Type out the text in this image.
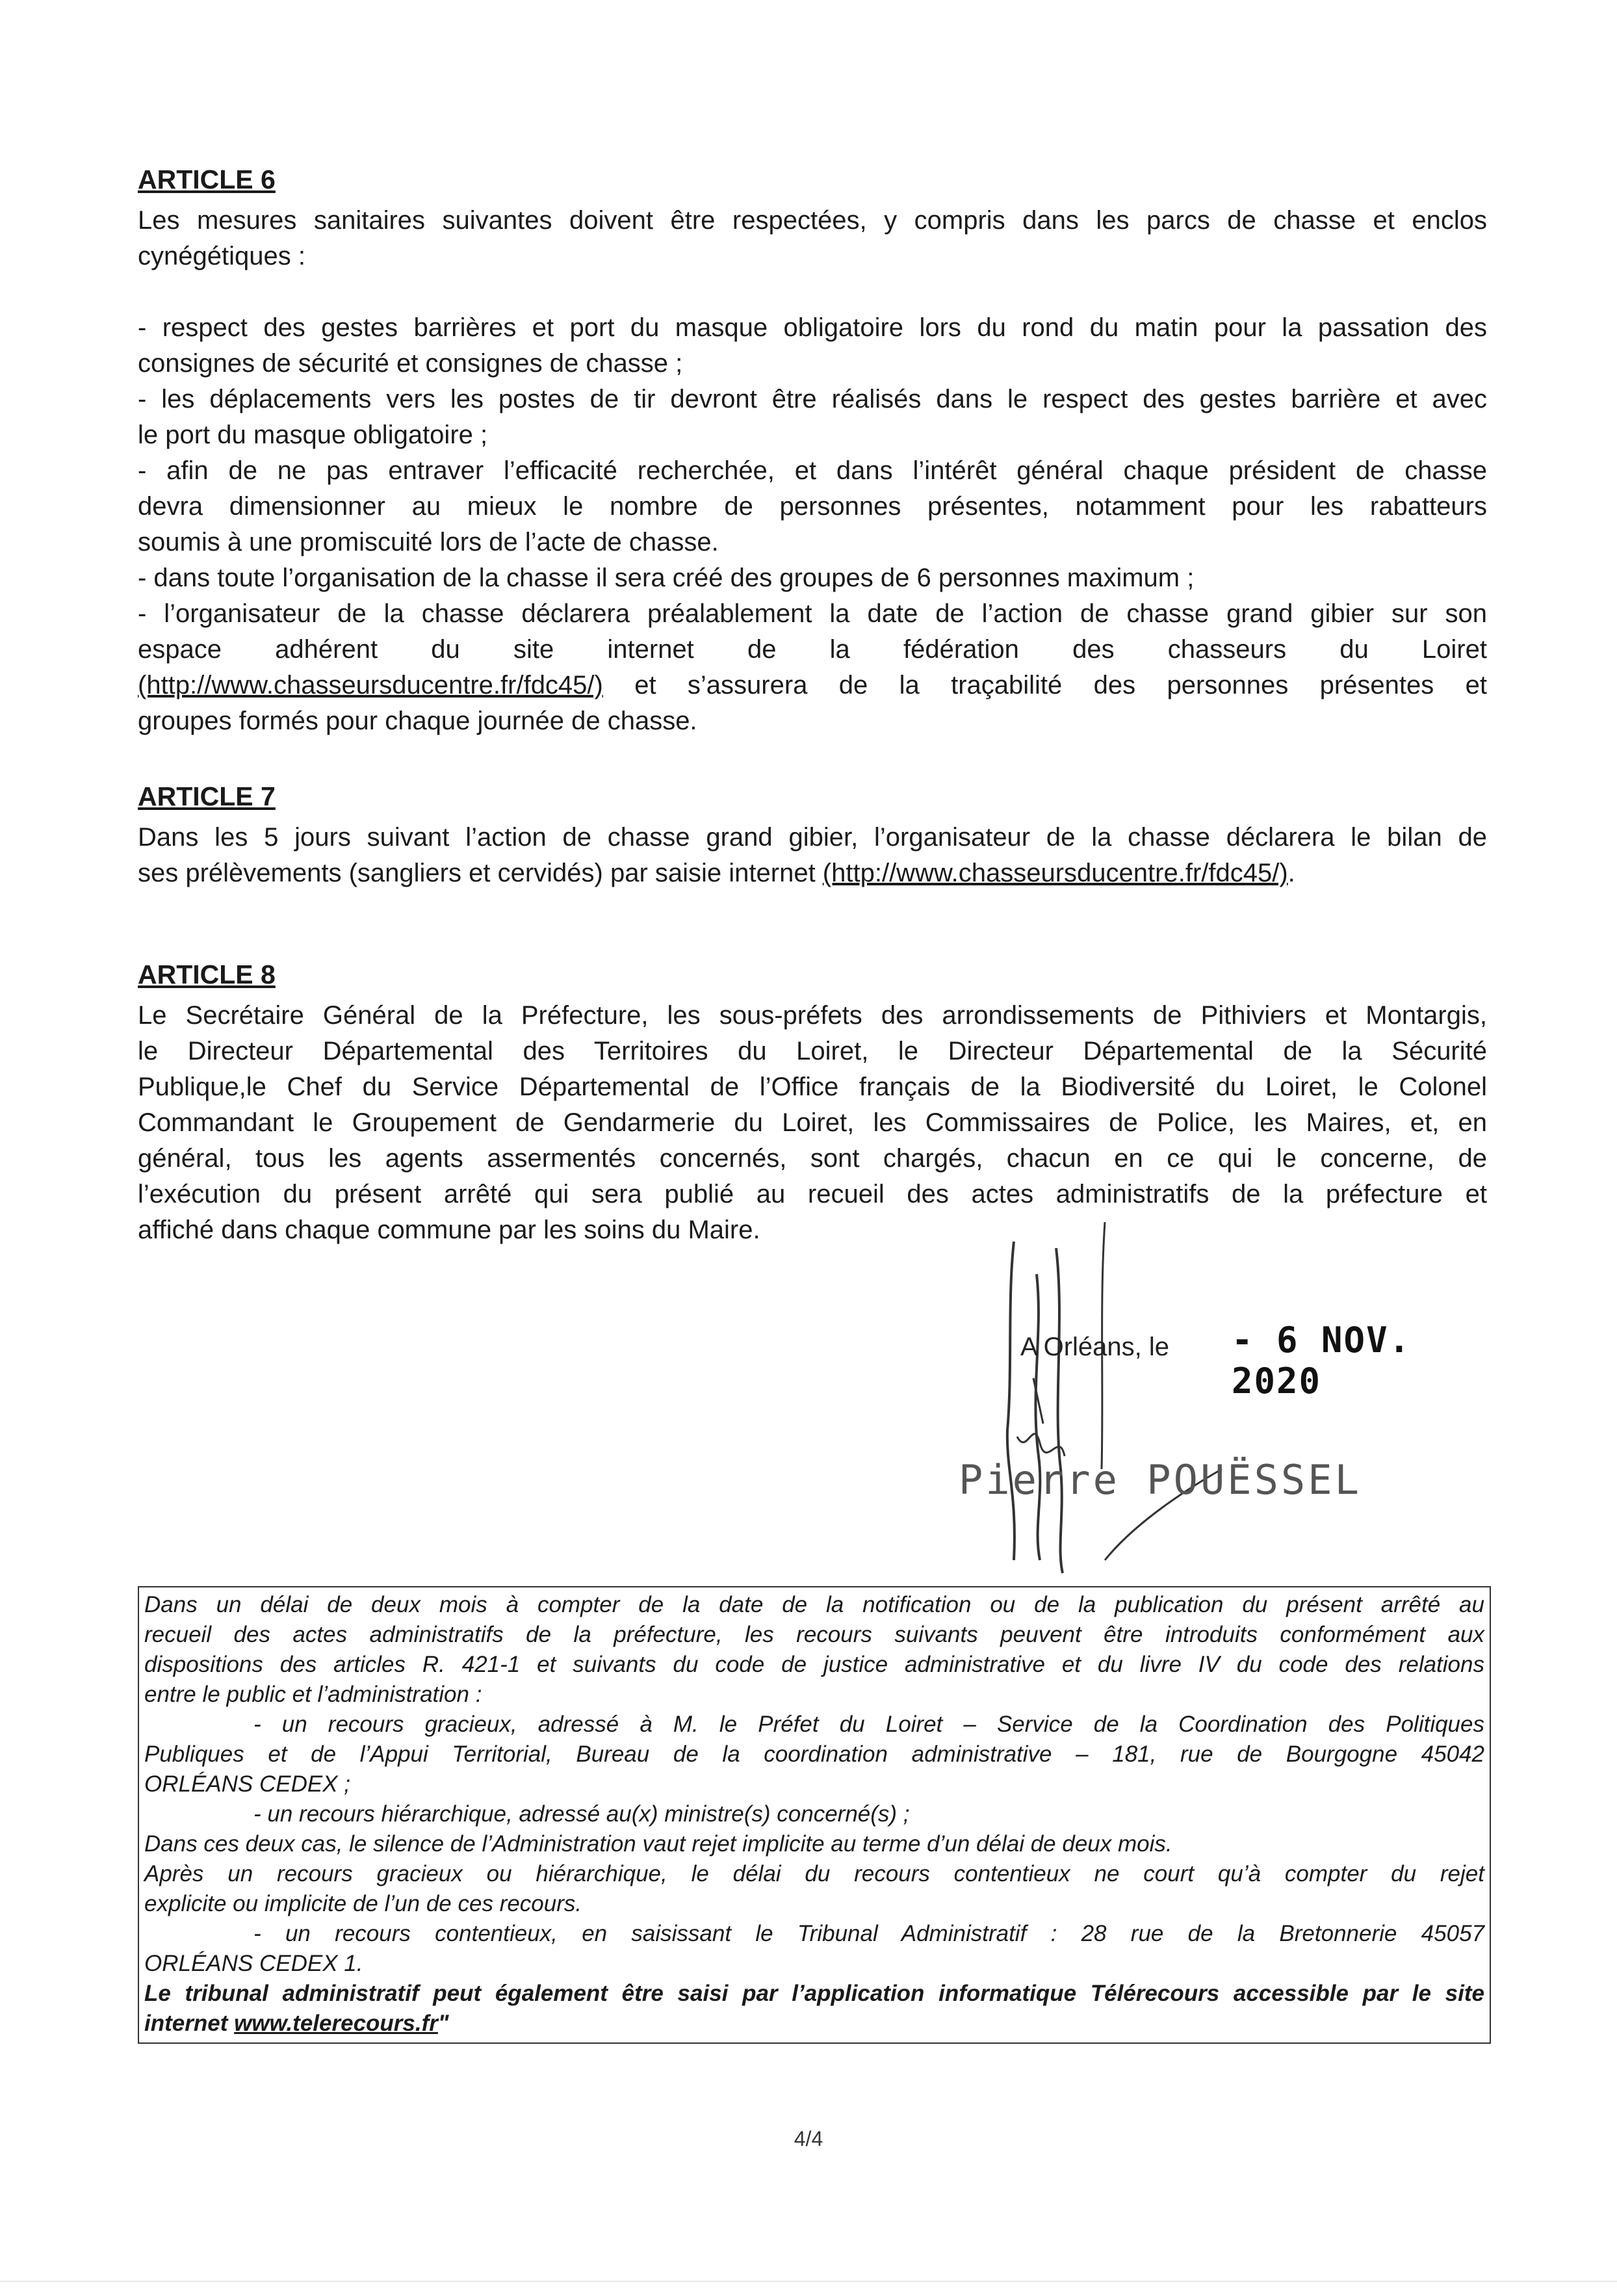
ARTICLE 6

Les mesures sanitaires suivantes doivent être respectées, y compris dans les parcs de chasse et enclos
cynégétiques :

- respect des gestes barrières et port du masque obligatoire lors du rond du matin pour la passation des
consignes de sécurité et consignes de chasse ;
- les déplacements vers les postes de tir devront être réalisés dans le respect des gestes barrière et avec
le port du masque obligatoire ;
- afin de ne pas entraver l’efficacité recherchée, et dans l’intérêt général chaque président de chasse
devra dimensionner au mieux le nombre de personnes présentes, notamment pour les rabatteurs
soumis à une promiscuité lors de l’acte de chasse.
- dans toute l’organisation de la chasse il sera créé des groupes de 6 personnes maximum ;
- l’organisateur de la chasse déclarera préalablement la date de l’action de chasse grand gibier sur son
espace adhérent du site internet de la fédération des chasseurs du Loiret
(http://www.chasseursducentre.fr/fdc45/) et s’assurera de la traçabilité des personnes présentes et
groupes formés pour chaque journée de chasse.

ARTICLE 7

Dans les 5 jours suivant l’action de chasse grand gibier, l’organisateur de la chasse déclarera le bilan de
ses prélèvements (sangliers et cervidés) par saisie internet (http://www.chasseursducentre.fr/fdc45/).

ARTICLE 8

Le Secrétaire Général de la Préfecture, les sous-préfets des arrondissements de Pithiviers et Montargis,
le Directeur Départemental des Territoires du Loiret, le Directeur Départemental de la Sécurité
Publique,le Chef du Service Départemental de l’Office français de la Biodiversité du Loiret, le Colonel
Commandant le Groupement de Gendarmerie du Loiret, les Commissaires de Police, les Maires, et, en
général, tous les agents assermentés concernés, sont chargés, chacun en ce qui le concerne, de
l’exécution du présent arrêté qui sera publié au recueil des actes administratifs de la préfecture et
affiché dans chaque commune par les soins du Maire.

A Orléans, le - 6 NOV. 2020
Pierre POUËSSEL
Dans un délai de deux mois à compter de la date de la notification ou de la publication du présent arrêté au
recueil des actes administratifs de la préfecture, les recours suivants peuvent être introduits conformément aux
dispositions des articles R. 421-1 et suivants du code de justice administrative et du livre IV du code des relations
entre le public et l’administration :
- un recours gracieux, adressé à M. le Préfet du Loiret – Service de la Coordination des Politiques
Publiques et de l’Appui Territorial, Bureau de la coordination administrative – 181, rue de Bourgogne 45042
ORLÉANS CEDEX ;
- un recours hiérarchique, adressé au(x) ministre(s) concerné(s) ;
Dans ces deux cas, le silence de l’Administration vaut rejet implicite au terme d’un délai de deux mois.
Après un recours gracieux ou hiérarchique, le délai du recours contentieux ne court qu’à compter du rejet
explicite ou implicite de l’un de ces recours.
- un recours contentieux, en saisissant le Tribunal Administratif : 28 rue de la Bretonnerie 45057
ORLÉANS CEDEX 1.
Le tribunal administratif peut également être saisi par l’application informatique Télérecours accessible par le site
internet www.telerecours.fr"
4/4
